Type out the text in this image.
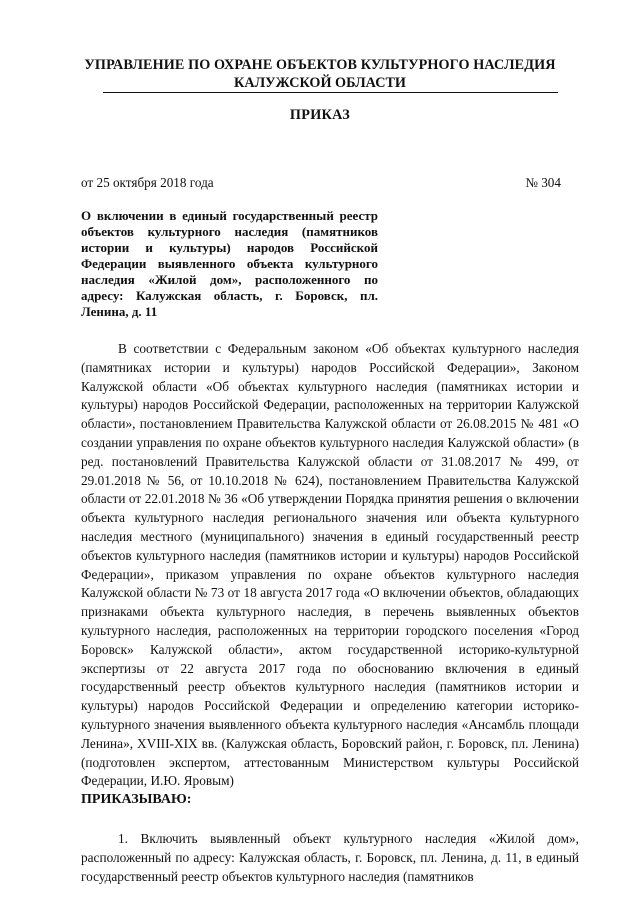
УПРАВЛЕНИЕ ПО ОХРАНЕ ОБЪЕКТОВ КУЛЬТУРНОГО НАСЛЕДИЯ
КАЛУЖСКОЙ ОБЛАСТИ
ПРИКАЗ
от 25 октября 2018 года	№ 304
О включении в единый государственный реестр объектов культурного наследия (памятников истории и культуры) народов Российской Федерации выявленного объекта культурного наследия «Жилой дом», расположенного по адресу: Калужская область, г. Боровск, пл. Ленина, д. 11

В соответствии с Федеральным законом «Об объектах культурного наследия (памятниках истории и культуры) народов Российской Федерации», Законом Калужской области «Об объектах культурного наследия (памятниках истории и культуры) народов Российской Федерации, расположенных на территории Калужской области», постановлением Правительства Калужской области от 26.08.2015 № 481 «О создании управления по охране объектов культурного наследия Калужской области» (в ред. постановлений Правительства Калужской области от 31.08.2017 № 499, от 29.01.2018 № 56, от 10.10.2018 № 624), постановлением Правительства Калужской области от 22.01.2018 № 36 «Об утверждении Порядка принятия решения о включении объекта культурного наследия регионального значения или объекта культурного наследия местного (муниципального) значения в единый государственный реестр объектов культурного наследия (памятников истории и культуры) народов Российской Федерации», приказом управления по охране объектов культурного наследия Калужской области № 73 от 18 августа 2017 года «О включении объектов, обладающих признаками объекта культурного наследия, в перечень выявленных объектов культурного наследия, расположенных на территории городского поселения «Город Боровск» Калужской области», актом государственной историко-культурной экспертизы от 22 августа 2017 года по обоснованию включения в единый государственный реестр объектов культурного наследия (памятников истории и культуры) народов Российской Федерации и определению категории историко-культурного значения выявленного объекта культурного наследия «Ансамбль площади Ленина», XVIII-XIX вв. (Калужская область, Боровский район, г. Боровск, пл. Ленина) (подготовлен экспертом, аттестованным Министерством культуры Российской Федерации, И.Ю. Яровым)

ПРИКАЗЫВАЮ:

1. Включить выявленный объект культурного наследия «Жилой дом», расположенный по адресу: Калужская область, г. Боровск, пл. Ленина, д. 11, в единый государственный реестр объектов культурного наследия (памятников
